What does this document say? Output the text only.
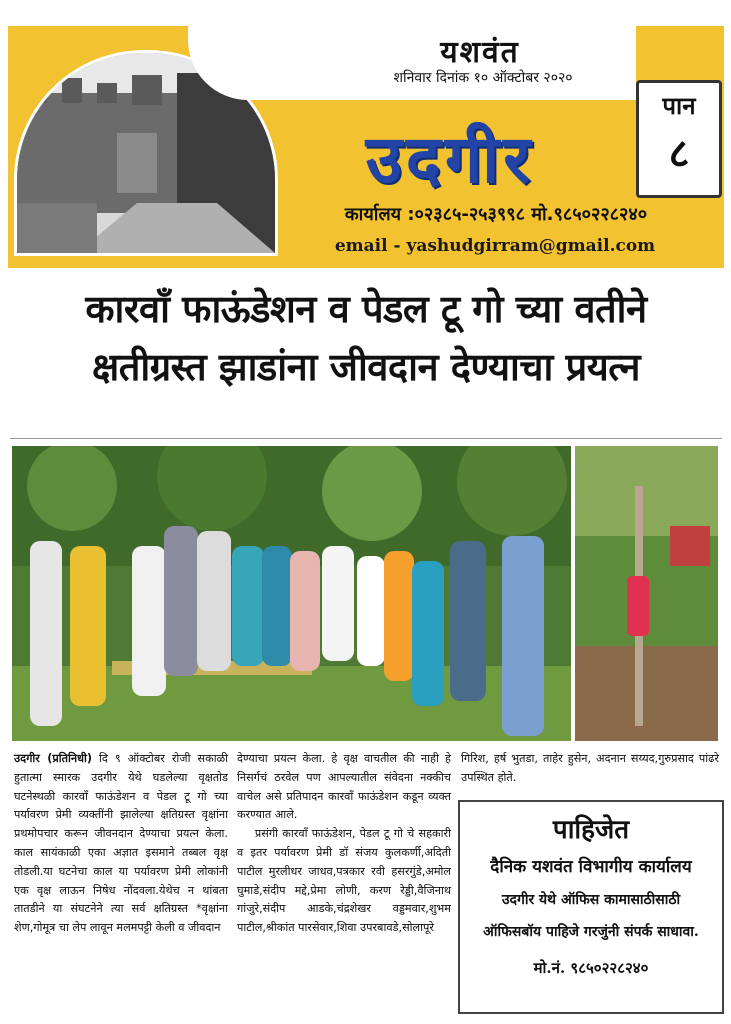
यशवंत
शनिवार दिनांक १० ऑक्टोबर २०२०
उदगीर
पान
८
कार्यालय :०२३८५-२५३९९८ मो.९८५०२२८२४०
email - yashudgirram@gmail.com
कारवाँ फाऊंडेशन व पेडल टू गो च्या वतीने
क्षतीग्रस्त झाडांना जीवदान देण्याचा प्रयत्न

उदगीर (प्रतिनिधी) दि ९ ऑक्टोबर रोजी सकाळी हुतात्मा स्मारक उदगीर येथे घडलेल्या वृक्षतोड घटनेस्थळी कारवाँ फाऊंडेशन व पेडल टू गो च्या पर्यावरण प्रेमी व्यक्तींनी झालेल्या क्षतिग्रस्त वृक्षांना प्रथमोपचार करून जीवनदान देण्याचा प्रयत्न केला. काल सायंकाळी एका अज्ञात इसमाने तब्बल वृक्ष तोडली.या घटनेचा काल या पर्यावरण प्रेमी लोकांनी एक वृक्ष लाऊन निषेध नोंदवला.येथेच न थांबता तातडीने या संघटनेने त्या सर्व क्षतिग्रस्त *वृक्षांना शेण,गोमूत्र चा लेप लावून मलमपट्टी केली व जीवदान

देण्याचा प्रयत्न केला. हे वृक्ष वाचतील की नाही हे निसर्गचं ठरवेल पण आपल्यातील संवेदना नक्कीच वाचेल असे प्रतिपादन कारवाँ फाऊंडेशन कडून व्यक्त करण्यात आले.

प्रसंगी कारवाँ फाऊंडेशन, पेडल टू गो चे सहकारी व इतर पर्यावरण प्रेमी डॉ संजय कुलकर्णी,अदिती पाटील मुरलीधर जाधव,पत्रकार रवी हसरगुंडे,अमोल घुमाडे,संदीप मद्दे,प्रेमा लोणी, करण रेड्डी,वैजिनाथ गांजुरे,संदीप आडके,चंद्रशेखर वड्डमवार,शुभम पाटील,श्रीकांत पारसेवार,शिवा उपरबावडे,सोलापूरे

गिरिश, हर्ष भुतडा, ताहेर हुसेन, अदनान सय्यद,गुरुप्रसाद पांढरे उपस्थित होते.

पाहिजेत
दैनिक यशवंत विभागीय कार्यालय
उदगीर येथे ऑफिस कामासाठीसाठी
ऑफिसबॉय पाहिजे गरजुंनी संपर्क साधावा.
मो.नं. ९८५०२२८२४०
